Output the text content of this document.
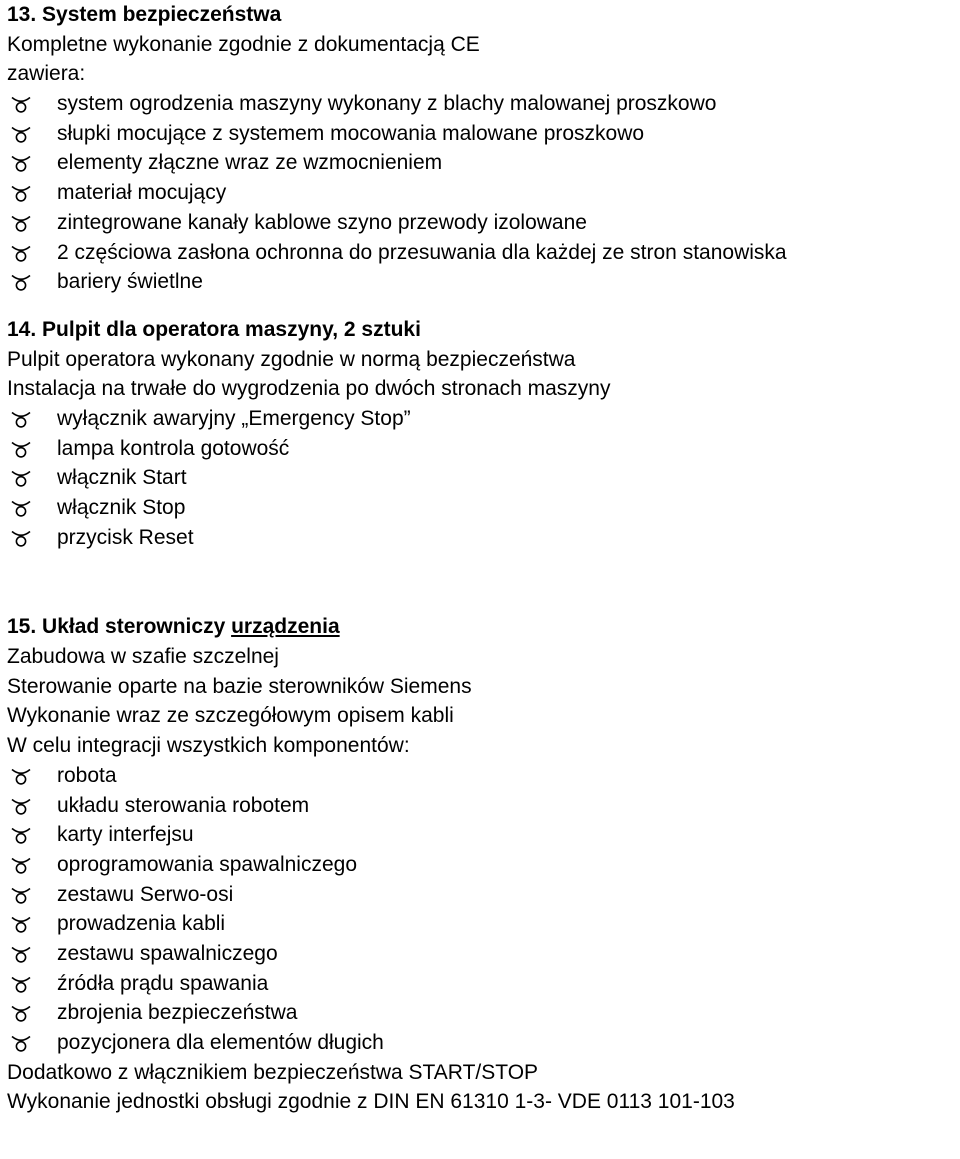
13. System bezpieczeństwa
Kompletne wykonanie zgodnie z dokumentacją CE
zawiera:
system ogrodzenia maszyny wykonany z blachy malowanej proszkowo
słupki mocujące z systemem mocowania malowane proszkowo
elementy złączne wraz ze wzmocnieniem
materiał mocujący
zintegrowane kanały kablowe szyno przewody izolowane
2 częściowa zasłona ochronna do przesuwania dla każdej ze stron stanowiska
bariery świetlne
14. Pulpit dla operatora maszyny, 2 sztuki
Pulpit operatora wykonany zgodnie w normą bezpieczeństwa
Instalacja na trwałe do wygrodzenia po dwóch stronach maszyny
wyłącznik awaryjny „Emergency Stop”
lampa kontrola gotowość
włącznik Start
włącznik Stop
przycisk Reset
15. Układ sterowniczy urządzenia
Zabudowa w szafie szczelnej
Sterowanie oparte na bazie sterowników Siemens
Wykonanie wraz ze szczegółowym opisem kabli
W celu integracji wszystkich komponentów:
robota
układu sterowania robotem
karty interfejsu
oprogramowania spawalniczego
zestawu Serwo-osi
prowadzenia kabli
zestawu spawalniczego
źródła prądu spawania
zbrojenia bezpieczeństwa
pozycjonera dla elementów długich
Dodatkowo z włącznikiem bezpieczeństwa START/STOP
Wykonanie jednostki obsługi zgodnie z DIN EN 61310 1-3- VDE 0113 101-103
